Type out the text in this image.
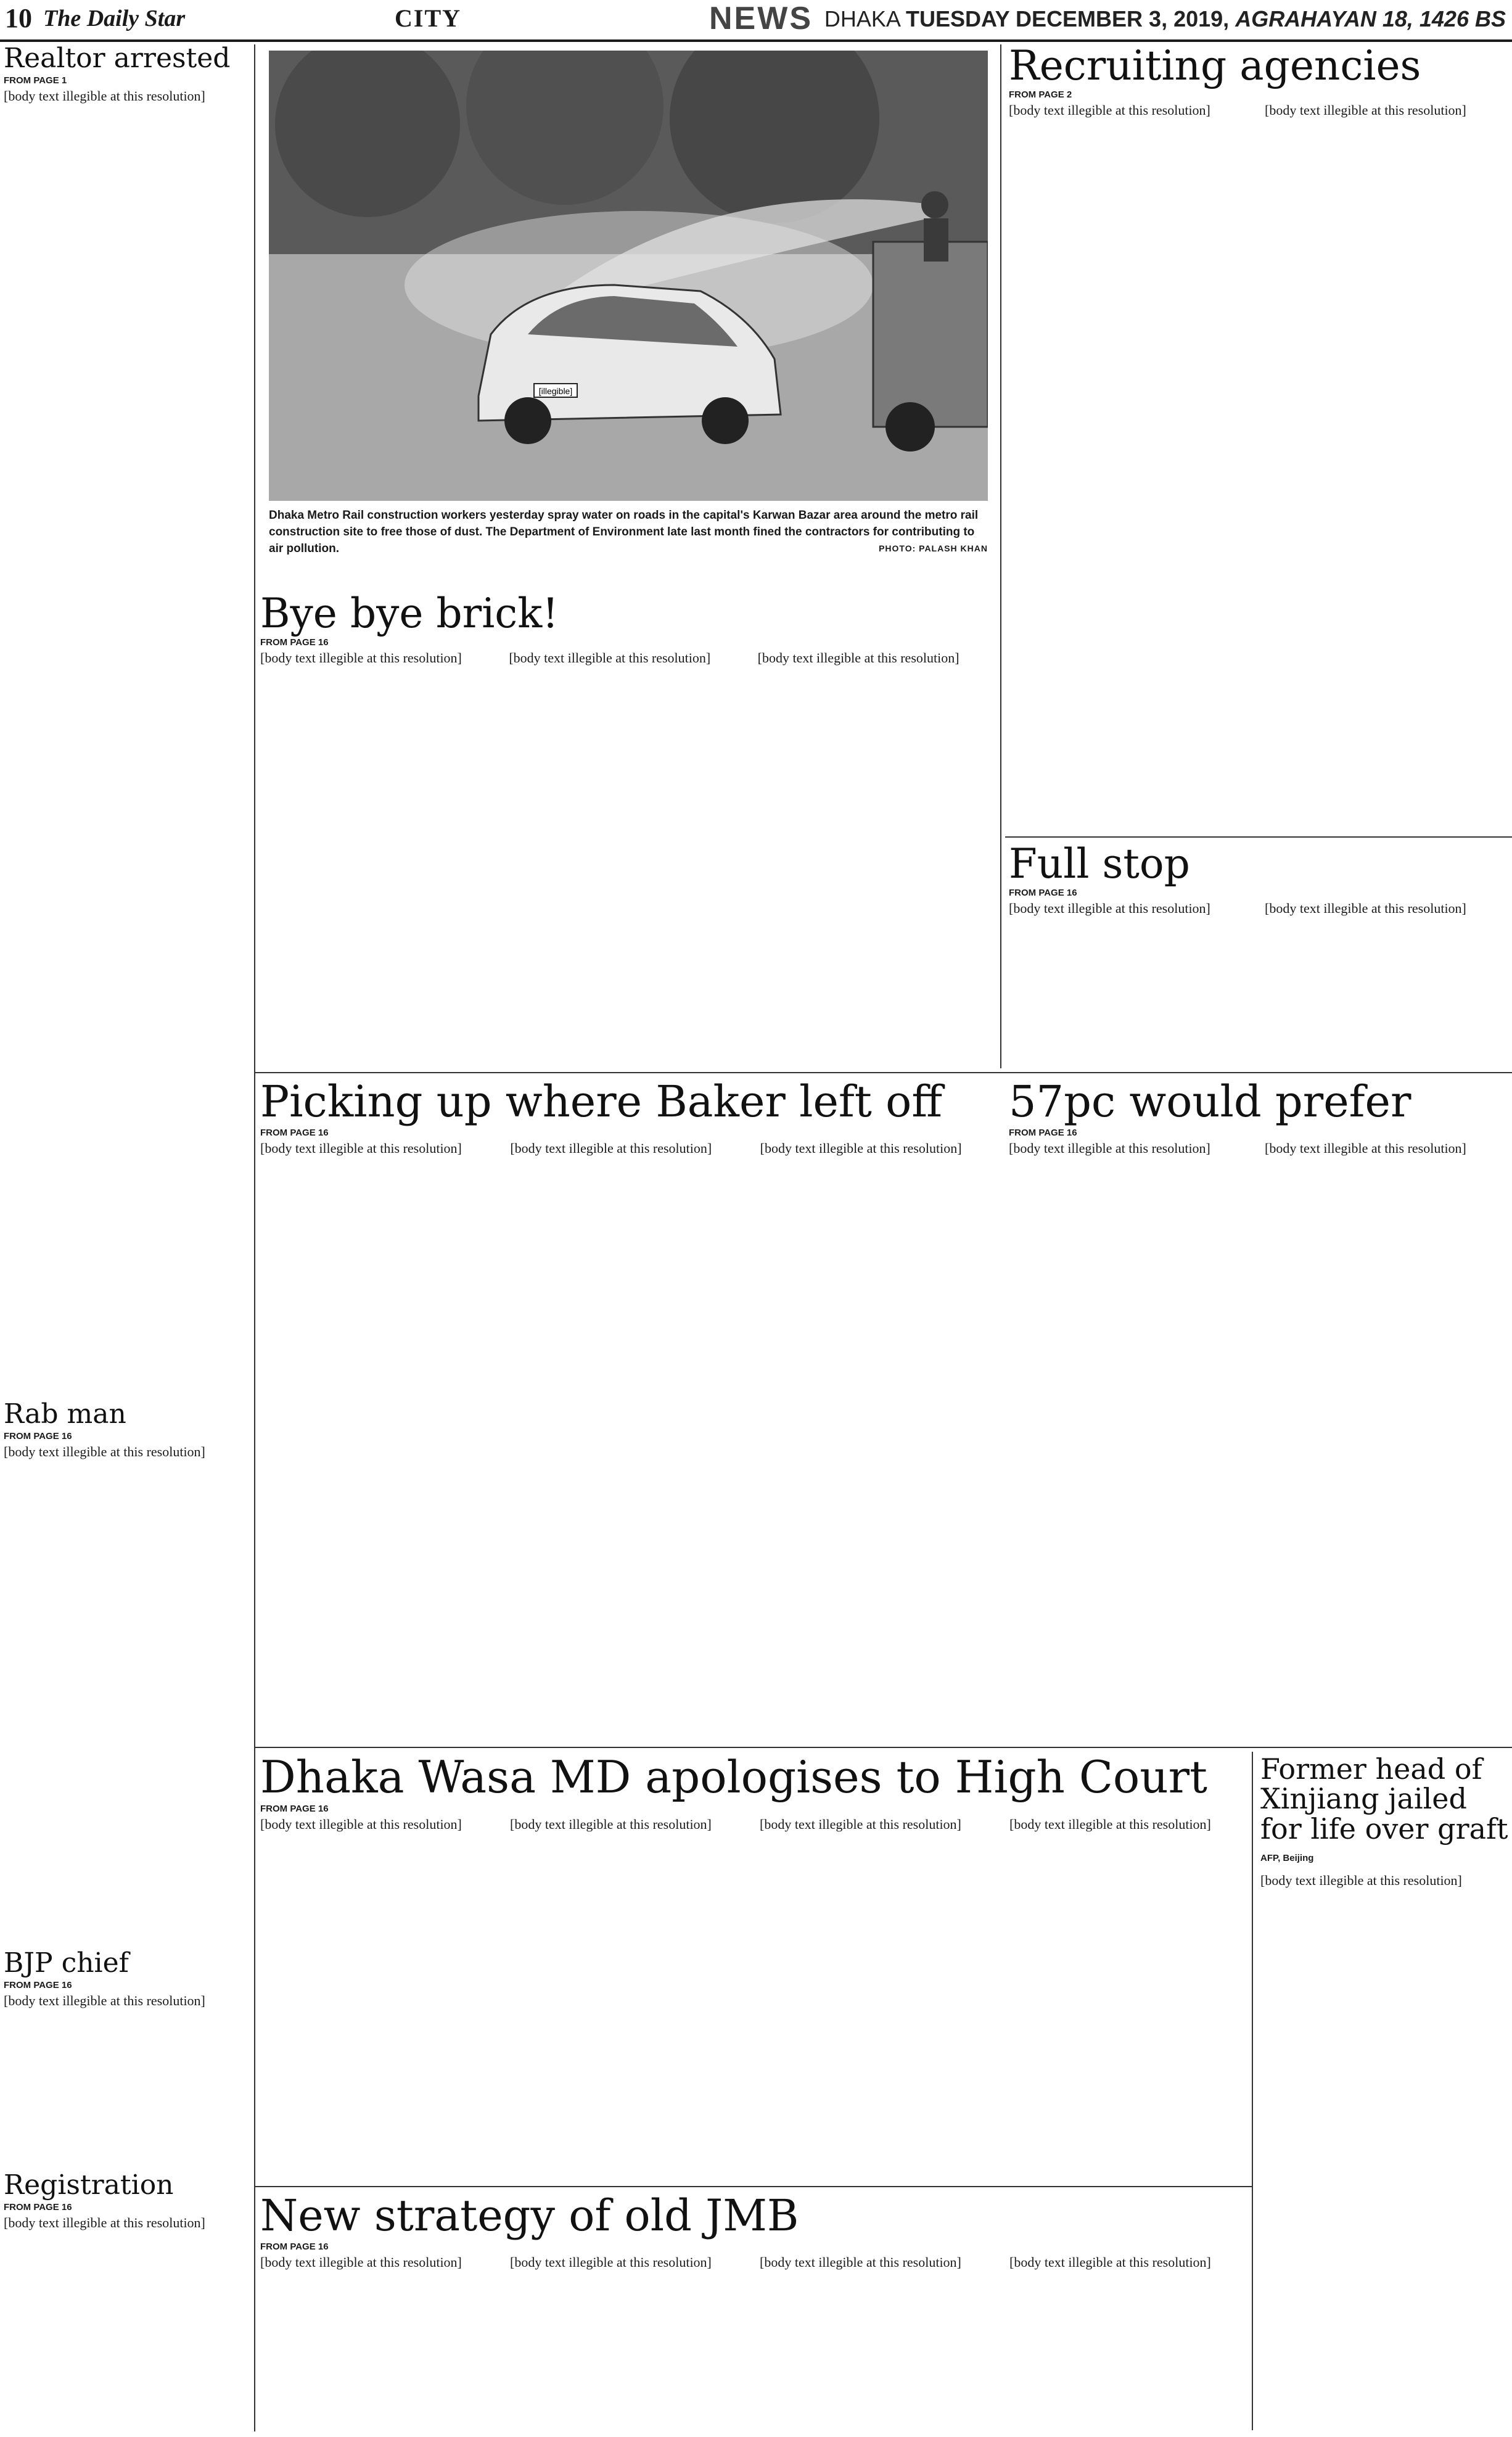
10 The Daily Star	CITY	NEWS DHAKA TUESDAY DECEMBER 3, 2019, AGRAHAYAN 18, 1426 BS
Realtor arrested

FROM PAGE 1

[body text illegible at this resolution]

Rab man

FROM PAGE 16

[body text illegible at this resolution]

BJP chief

FROM PAGE 16

[body text illegible at this resolution]

Registration

FROM PAGE 16

[body text illegible at this resolution]

[illegible]
Dhaka Metro Rail construction workers yesterday spray water on roads in the capital's Karwan Bazar area around the metro rail construction site to free those of dust. The Department of Environment late last month fined the contractors for contributing to air pollution.	PHOTO: PALASH KHAN
Bye bye brick!

FROM PAGE 16

[body text illegible at this resolution]	[body text illegible at this resolution]	[body text illegible at this resolution]

Recruiting agencies

FROM PAGE 2

[body text illegible at this resolution]	[body text illegible at this resolution]

Full stop

FROM PAGE 16

[body text illegible at this resolution]	[body text illegible at this resolution]

Picking up where Baker left off

FROM PAGE 16

[body text illegible at this resolution]	[body text illegible at this resolution]	[body text illegible at this resolution]

57pc would prefer

FROM PAGE 16

[body text illegible at this resolution]	[body text illegible at this resolution]

Dhaka Wasa MD apologises to High Court

FROM PAGE 16

[body text illegible at this resolution]	[body text illegible at this resolution]	[body text illegible at this resolution]	[body text illegible at this resolution]

Former head of Xinjiang jailed for life over graft

AFP, Beijing

[body text illegible at this resolution]

New strategy of old JMB

FROM PAGE 16

[body text illegible at this resolution]	[body text illegible at this resolution]	[body text illegible at this resolution]	[body text illegible at this resolution]
